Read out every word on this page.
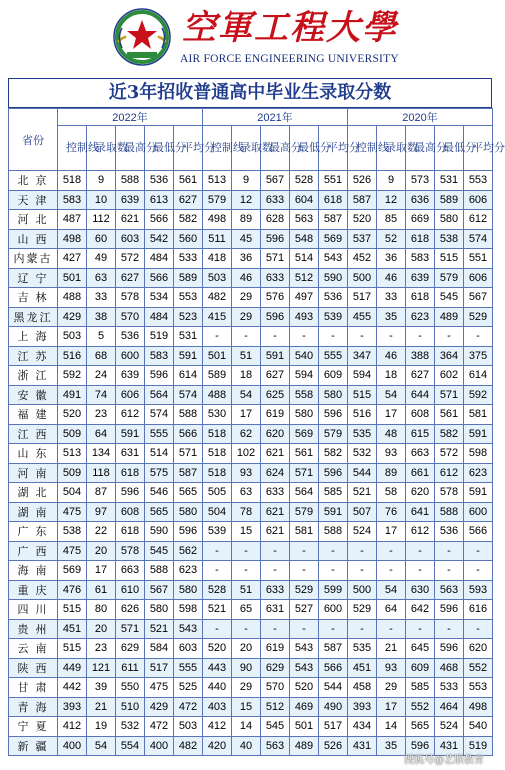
空軍工程大學
AIR FORCE ENGINEERING UNIVERSITY
近3年招收普通高中毕业生录取分数
省份	2022年					2021年					2020年				
	控制线	录取数	最高分	最低分	平均分	控制线	录取数	最高分	最低分	平均分	控制线	录取数	最高分	最低分	平均分
北 京	518	9	588	536	561	513	9	567	528	551	526	9	573	531	553
天 津	583	10	639	613	627	579	12	633	604	618	587	12	636	589	606
河 北	487	112	621	566	582	498	89	628	563	587	520	85	669	580	612
山 西	498	60	603	542	560	511	45	596	548	569	537	52	618	538	574
内蒙古	427	49	572	484	533	418	36	571	514	543	452	36	583	515	551
辽 宁	501	63	627	566	589	503	46	633	512	590	500	46	639	579	606
吉 林	488	33	578	534	553	482	29	576	497	536	517	33	618	545	567
黑龙江	429	38	570	484	523	415	29	596	493	539	455	35	623	489	529
上 海	503	5	536	519	531	-	-	-	-	-	-	-	-	-	-
江 苏	516	68	600	583	591	501	51	591	540	555	347	46	388	364	375
浙 江	592	24	639	596	614	589	18	627	594	609	594	18	627	602	614
安 徽	491	74	606	564	574	488	54	625	558	580	515	54	644	571	592
福 建	520	23	612	574	588	530	17	619	580	596	516	17	608	561	581
江 西	509	64	591	555	566	518	62	620	569	579	535	48	615	582	591
山 东	513	134	631	514	571	518	102	621	561	582	532	93	663	572	598
河 南	509	118	618	575	587	518	93	624	571	596	544	89	661	612	623
湖 北	504	87	596	546	565	505	63	633	564	585	521	58	620	578	591
湖 南	475	97	608	565	580	504	78	621	579	591	507	76	641	588	600
广 东	538	22	618	590	596	539	15	621	581	588	524	17	612	536	566
广 西	475	20	578	545	562	-	-	-	-	-	-	-	-	-	-
海 南	569	17	663	588	623	-	-	-	-	-	-	-	-	-	-
重 庆	476	61	610	567	580	528	51	633	529	599	500	54	630	563	593
四 川	515	80	626	580	598	521	65	631	527	600	529	64	642	596	616
贵 州	451	20	571	521	543	-	-	-	-	-	-	-	-	-	-
云 南	515	23	629	584	603	520	20	619	543	587	535	21	645	596	620
陕 西	449	121	611	517	555	443	90	629	543	566	451	93	609	468	552
甘 肃	442	39	550	475	525	440	29	570	520	544	458	29	585	533	553
青 海	393	21	510	429	472	403	15	512	469	490	393	17	552	464	498
宁 夏	412	19	532	472	503	412	14	545	501	517	434	14	565	524	540
新 疆	400	54	554	400	482	420	40	563	489	526	431	35	596	431	519
搜狐号@艺联教育
